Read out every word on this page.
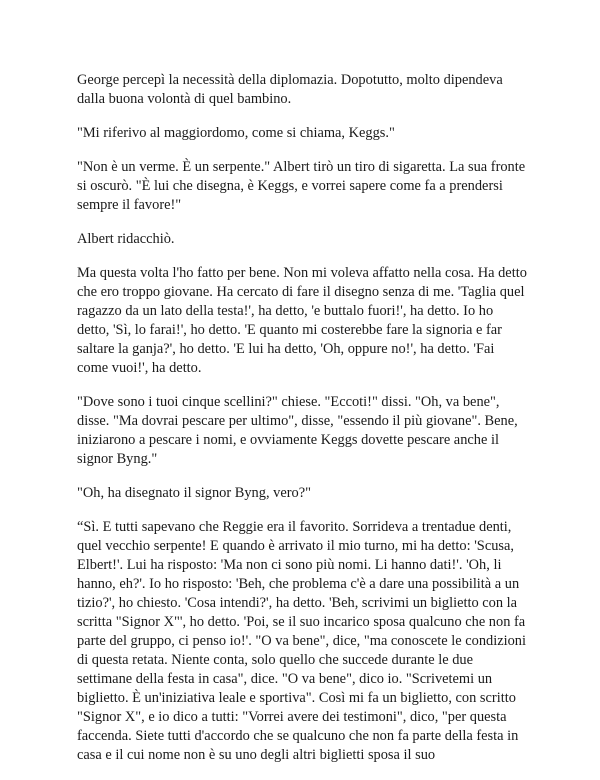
George percepì la necessità della diplomazia. Dopotutto, molto dipendeva dalla buona volontà di quel bambino.

"Mi riferivo al maggiordomo, come si chiama, Keggs."

"Non è un verme. È un serpente." Albert tirò un tiro di sigaretta. La sua fronte si oscurò. "È lui che disegna, è Keggs, e vorrei sapere come fa a prendersi sempre il favore!"

Albert ridacchiò.

Ma questa volta l'ho fatto per bene. Non mi voleva affatto nella cosa. Ha detto che ero troppo giovane. Ha cercato di fare il disegno senza di me. 'Taglia quel ragazzo da un lato della testa!', ha detto, 'e buttalo fuori!', ha detto. Io ho detto, 'Sì, lo farai!', ho detto. 'E quanto mi costerebbe fare la signoria e far saltare la ganja?', ho detto. 'E lui ha detto, 'Oh, oppure no!', ha detto. 'Fai come vuoi!', ha detto.

"Dove sono i tuoi cinque scellini?" chiese. "Eccoti!" dissi. "Oh, va bene", disse. "Ma dovrai pescare per ultimo", disse, "essendo il più giovane". Bene, iniziarono a pescare i nomi, e ovviamente Keggs dovette pescare anche il signor Byng."

"Oh, ha disegnato il signor Byng, vero?"

“Sì. E tutti sapevano che Reggie era il favorito. Sorrideva a trentadue denti, quel vecchio serpente! E quando è arrivato il mio turno, mi ha detto: 'Scusa, Elbert!'. Lui ha risposto: 'Ma non ci sono più nomi. Li hanno dati!'. 'Oh, li hanno, eh?'. Io ho risposto: 'Beh, che problema c'è a dare una possibilità a un tizio?', ho chiesto. 'Cosa intendi?', ha detto. 'Beh, scrivimi un biglietto con la scritta "Signor X"', ho detto. 'Poi, se il suo incarico sposa qualcuno che non fa parte del gruppo, ci penso io!'. "O va bene", dice, "ma conoscete le condizioni di questa retata. Niente conta, solo quello che succede durante le due settimane della festa in casa", dice. "O va bene", dico io. "Scrivetemi un biglietto. È un'iniziativa leale e sportiva". Così mi fa un biglietto, con scritto "Signor X", e io dico a tutti: "Vorrei avere dei testimoni", dico, "per questa faccenda. Siete tutti d'accordo che se qualcuno che non fa parte della festa in casa e il cui nome non è su uno degli altri biglietti sposa il suo
